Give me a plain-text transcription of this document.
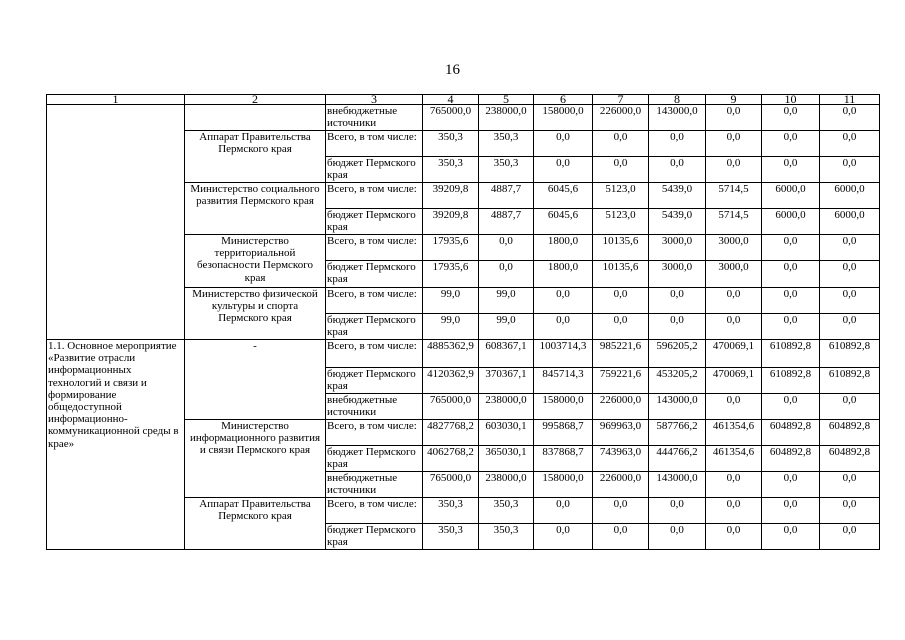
16
1	2	3	4	5	6	7	8	9	10	11
		внебюджетные источники	765000,0	238000,0	158000,0	226000,0	143000,0	0,0	0,0	0,0

	Аппарат Правительства Пермского края	Всего, в том числе:	350,3	350,3	0,0	0,0	0,0	0,0	0,0	0,0

		бюджет Пермского края	350,3	350,3	0,0	0,0	0,0	0,0	0,0	0,0

	Министерство социального развития Пермского края	Всего, в том числе:	39209,8	4887,7	6045,6	5123,0	5439,0	5714,5	6000,0	6000,0

		бюджет Пермского края	39209,8	4887,7	6045,6	5123,0	5439,0	5714,5	6000,0	6000,0

	Министерство территориальной безопасности Пермского края	Всего, в том числе:	17935,6	0,0	1800,0	10135,6	3000,0	3000,0	0,0	0,0

		бюджет Пермского края	17935,6	0,0	1800,0	10135,6	3000,0	3000,0	0,0	0,0

	Министерство физической культуры и спорта Пермского края	Всего, в том числе:	99,0	99,0	0,0	0,0	0,0	0,0	0,0	0,0

		бюджет Пермского края	99,0	99,0	0,0	0,0	0,0	0,0	0,0	0,0

1.1. Основное мероприятие «Развитие отрасли информационных технологий и связи и формирование общедоступной информационно-коммуникационной среды в крае»	-	Всего, в том числе:	4885362,9	608367,1	1003714,3	985221,6	596205,2	470069,1	610892,8	610892,8

		бюджет Пермского края	4120362,9	370367,1	845714,3	759221,6	453205,2	470069,1	610892,8	610892,8

		внебюджетные источники	765000,0	238000,0	158000,0	226000,0	143000,0	0,0	0,0	0,0

	Министерство информационного развития и связи Пермского края	Всего, в том числе:	4827768,2	603030,1	995868,7	969963,0	587766,2	461354,6	604892,8	604892,8

		бюджет Пермского края	4062768,2	365030,1	837868,7	743963,0	444766,2	461354,6	604892,8	604892,8

		внебюджетные источники	765000,0	238000,0	158000,0	226000,0	143000,0	0,0	0,0	0,0

	Аппарат Правительства Пермского края	Всего, в том числе:	350,3	350,3	0,0	0,0	0,0	0,0	0,0	0,0

		бюджет Пермского края	350,3	350,3	0,0	0,0	0,0	0,0	0,0	0,0
